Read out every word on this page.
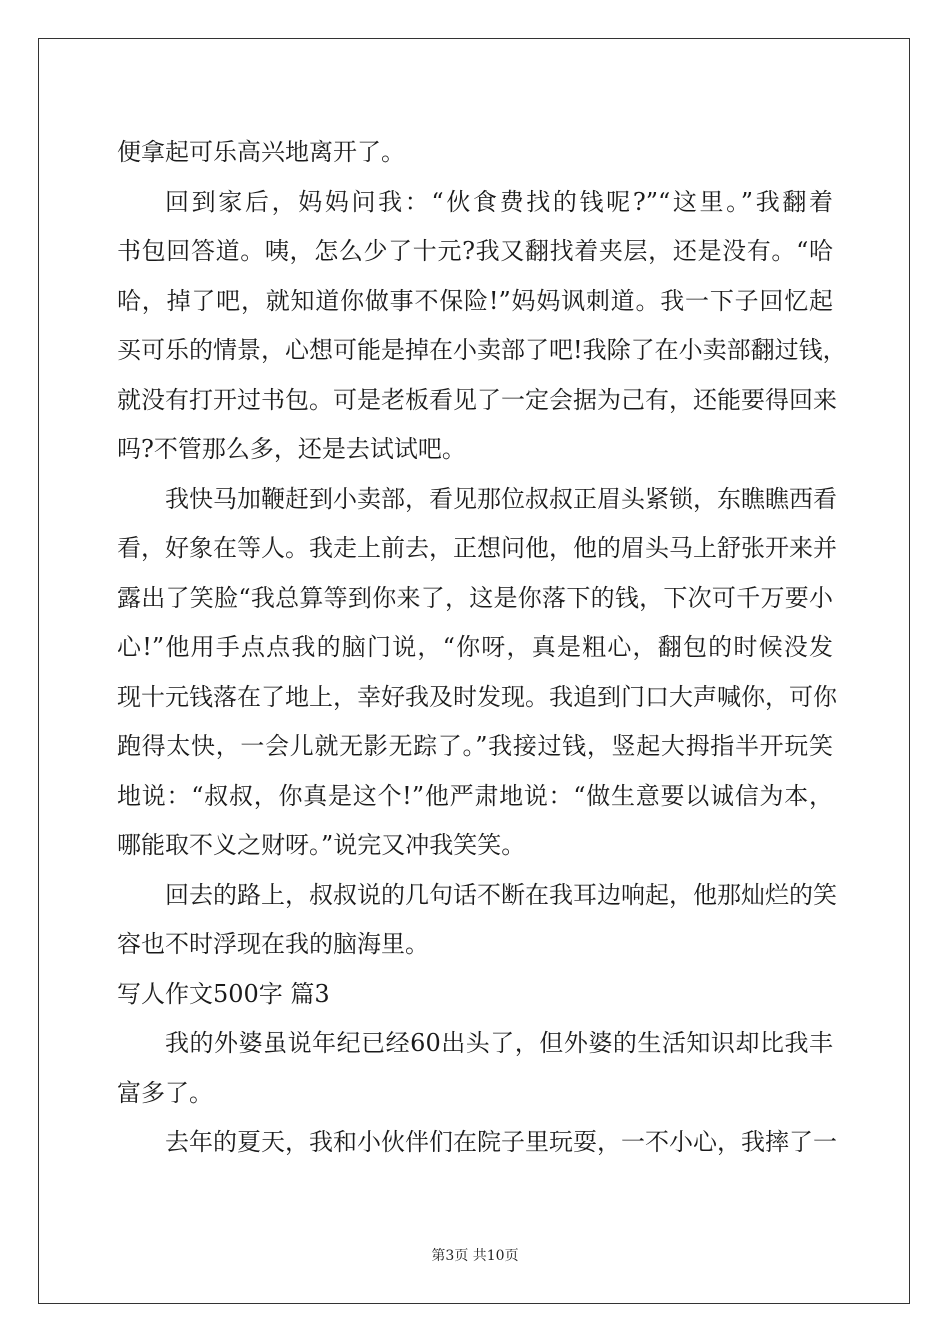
便拿起可乐高兴地离开了。
回到家后，妈妈问我：“伙食费找的钱呢?”“这里。”我翻着
书包回答道。咦，怎么少了十元?我又翻找着夹层，还是没有。“哈
哈，掉了吧，就知道你做事不保险!”妈妈讽刺道。我一下子回忆起
买可乐的情景，心想可能是掉在小卖部了吧!我除了在小卖部翻过钱，
就没有打开过书包。可是老板看见了一定会据为己有，还能要得回来
吗?不管那么多，还是去试试吧。
我快马加鞭赶到小卖部，看见那位叔叔正眉头紧锁，东瞧瞧西看
看，好象在等人。我走上前去，正想问他，他的眉头马上舒张开来并
露出了笑脸“我总算等到你来了，这是你落下的钱，下次可千万要小
心!”他用手点点我的脑门说，“你呀，真是粗心，翻包的时候没发
现十元钱落在了地上，幸好我及时发现。我追到门口大声喊你，可你
跑得太快，一会儿就无影无踪了。”我接过钱，竖起大拇指半开玩笑
地说：“叔叔，你真是这个!”他严肃地说：“做生意要以诚信为本，
哪能取不义之财呀。”说完又冲我笑笑。
回去的路上，叔叔说的几句话不断在我耳边响起，他那灿烂的笑
容也不时浮现在我的脑海里。
写人作文500字 篇3
我的外婆虽说年纪已经60出头了，但外婆的生活知识却比我丰
富多了。
去年的夏天，我和小伙伴们在院子里玩耍，一不小心，我摔了一
第3页 共10页
